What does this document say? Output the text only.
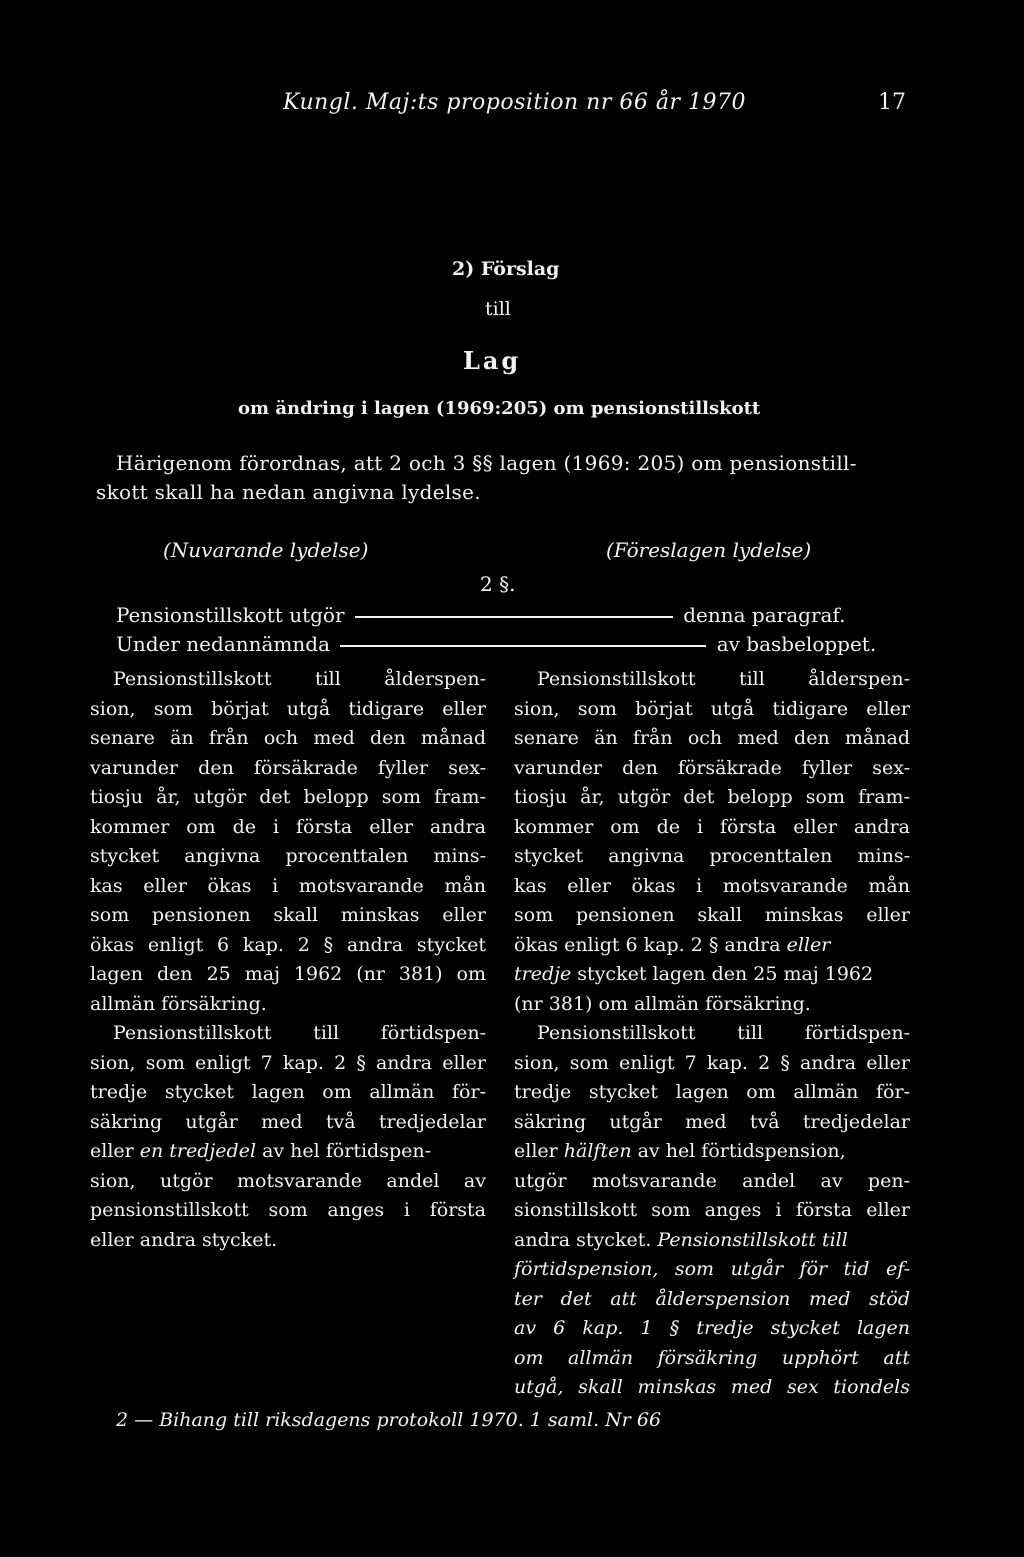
Kungl. Maj:ts proposition nr 66 år 1970	17
2) Förslag
till
Lag
om ändring i lagen (1969:205) om pensionstillskott
Härigenom förordnas, att 2 och 3 §§ lagen (1969: 205) om pensionstill-
skott skall ha nedan angivna lydelse.
(Nuvarande lydelse)	(Föreslagen lydelse)
2 §.
Pensionstillskott utgör	denna paragraf.
Under nedannämnda	av basbeloppet.
Pensionstillskott till ålderspen-
sion, som börjat utgå tidigare eller
senare än från och med den månad
varunder den försäkrade fyller sex-
tiosju år, utgör det belopp som fram-
kommer om de i första eller andra
stycket angivna procenttalen mins-
kas eller ökas i motsvarande mån
som pensionen skall minskas eller
ökas enligt 6 kap. 2 § andra stycket
lagen den 25 maj 1962 (nr 381) om
allmän försäkring.
Pensionstillskott till förtidspen-
sion, som enligt 7 kap. 2 § andra eller
tredje stycket lagen om allmän för-
säkring utgår med två tredjedelar
eller en tredjedel av hel förtidspen-
sion, utgör motsvarande andel av
pensionstillskott som anges i första
eller andra stycket.
Pensionstillskott till ålderspen-
sion, som börjat utgå tidigare eller
senare än från och med den månad
varunder den försäkrade fyller sex-
tiosju år, utgör det belopp som fram-
kommer om de i första eller andra
stycket angivna procenttalen mins-
kas eller ökas i motsvarande mån
som pensionen skall minskas eller
ökas enligt 6 kap. 2 § andra eller
tredje stycket lagen den 25 maj 1962
(nr 381) om allmän försäkring.
Pensionstillskott till förtidspen-
sion, som enligt 7 kap. 2 § andra eller
tredje stycket lagen om allmän för-
säkring utgår med två tredjedelar
eller hälften av hel förtidspension,
utgör motsvarande andel av pen-
sionstillskott som anges i första eller
andra stycket. Pensionstillskott till
förtidspension, som utgår för tid ef-
ter det att ålderspension med stöd
av 6 kap. 1 § tredje stycket lagen
om allmän försäkring upphört att
utgå, skall minskas med sex tiondels
2 — Bihang till riksdagens protokoll 1970. 1 saml. Nr 66
